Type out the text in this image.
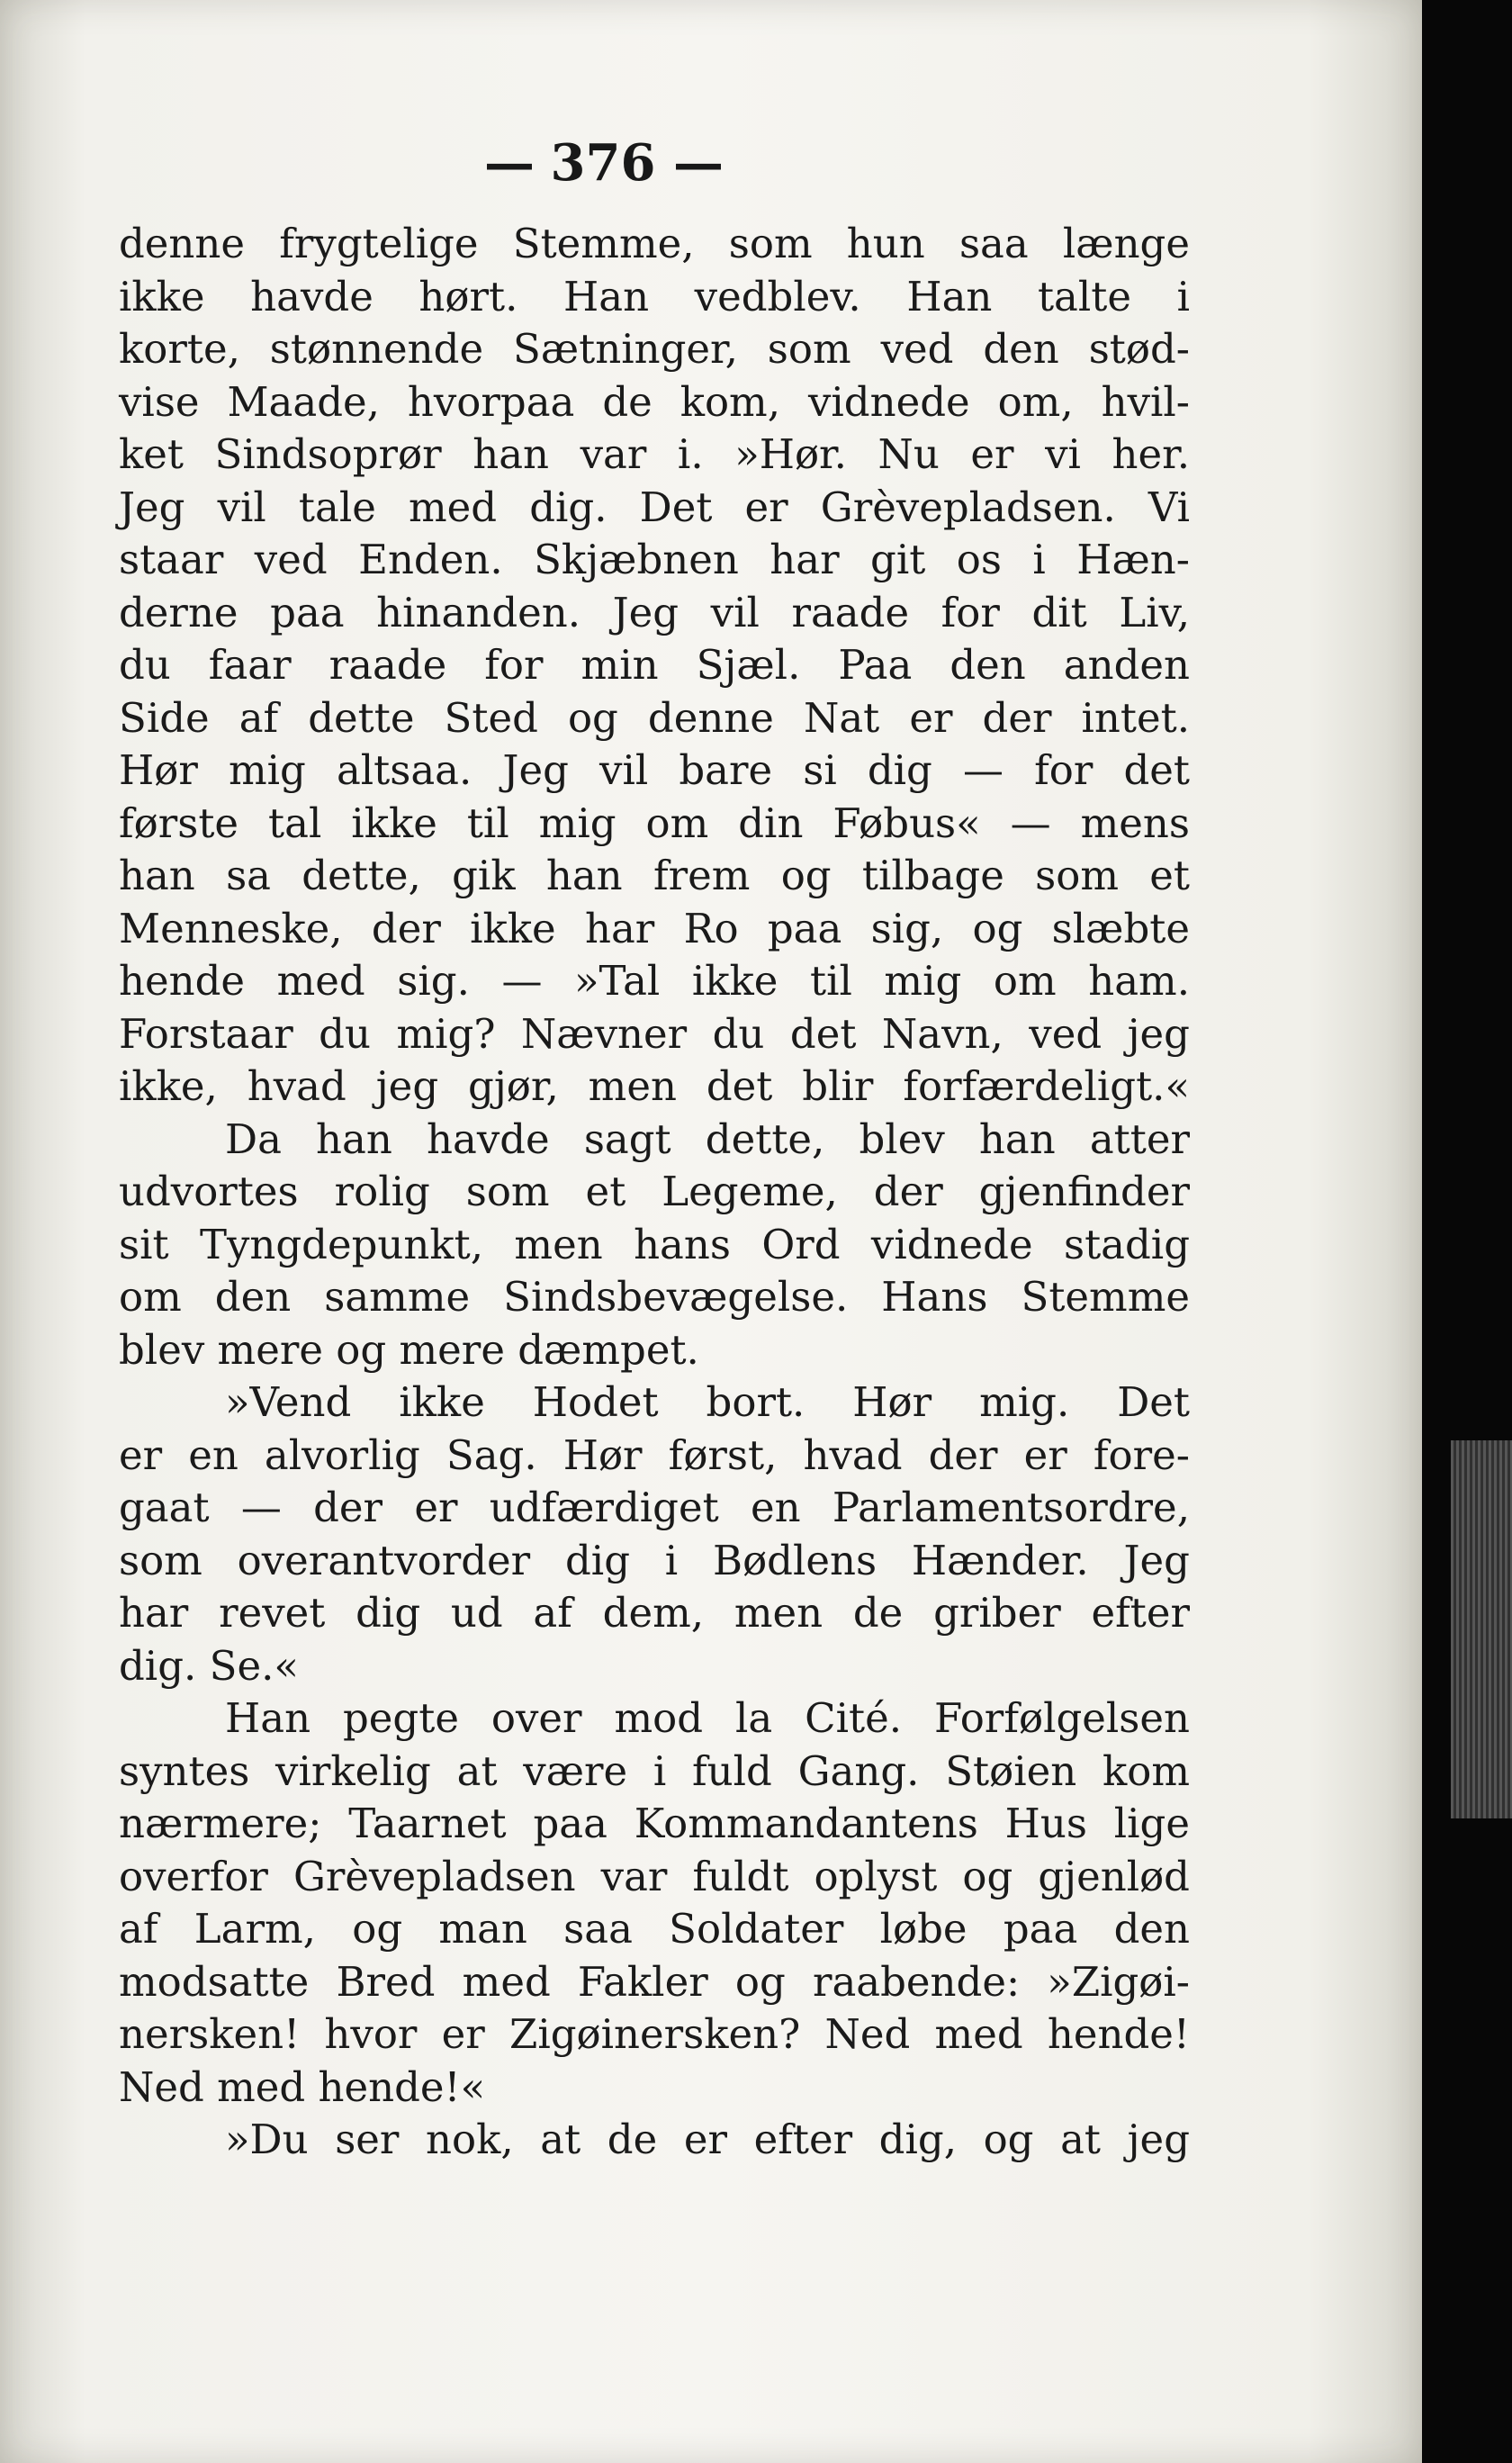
— 376 —
denne frygtelige Stemme, som hun saa længe
ikke havde hørt. Han vedblev. Han talte i
korte, stønnende Sætninger, som ved den stød-
vise Maade, hvorpaa de kom, vidnede om, hvil-
ket Sindsoprør han var i. »Hør. Nu er vi her.
Jeg vil tale med dig. Det er Grèvepladsen. Vi
staar ved Enden. Skjæbnen har git os i Hæn-
derne paa hinanden. Jeg vil raade for dit Liv,
du faar raade for min Sjæl. Paa den anden
Side af dette Sted og denne Nat er der intet.
Hør mig altsaa. Jeg vil bare si dig — for det
første tal ikke til mig om din Føbus« — mens
han sa dette, gik han frem og tilbage som et
Menneske, der ikke har Ro paa sig, og slæbte
hende med sig. — »Tal ikke til mig om ham.
Forstaar du mig? Nævner du det Navn, ved jeg
ikke, hvad jeg gjør, men det blir forfærdeligt.«
Da han havde sagt dette, blev han atter
udvortes rolig som et Legeme, der gjenfinder
sit Tyngdepunkt, men hans Ord vidnede stadig
om den samme Sindsbevægelse. Hans Stemme
blev mere og mere dæmpet.
»Vend ikke Hodet bort. Hør mig. Det
er en alvorlig Sag. Hør først, hvad der er fore-
gaat — der er udfærdiget en Parlamentsordre,
som overantvorder dig i Bødlens Hænder. Jeg
har revet dig ud af dem, men de griber efter
dig. Se.«
Han pegte over mod la Cité. Forfølgelsen
syntes virkelig at være i fuld Gang. Støien kom
nærmere; Taarnet paa Kommandantens Hus lige
overfor Grèvepladsen var fuldt oplyst og gjenlød
af Larm, og man saa Soldater løbe paa den
modsatte Bred med Fakler og raabende: »Zigøi-
nersken! hvor er Zigøinersken? Ned med hende!
Ned med hende!«
»Du ser nok, at de er efter dig, og at jeg
